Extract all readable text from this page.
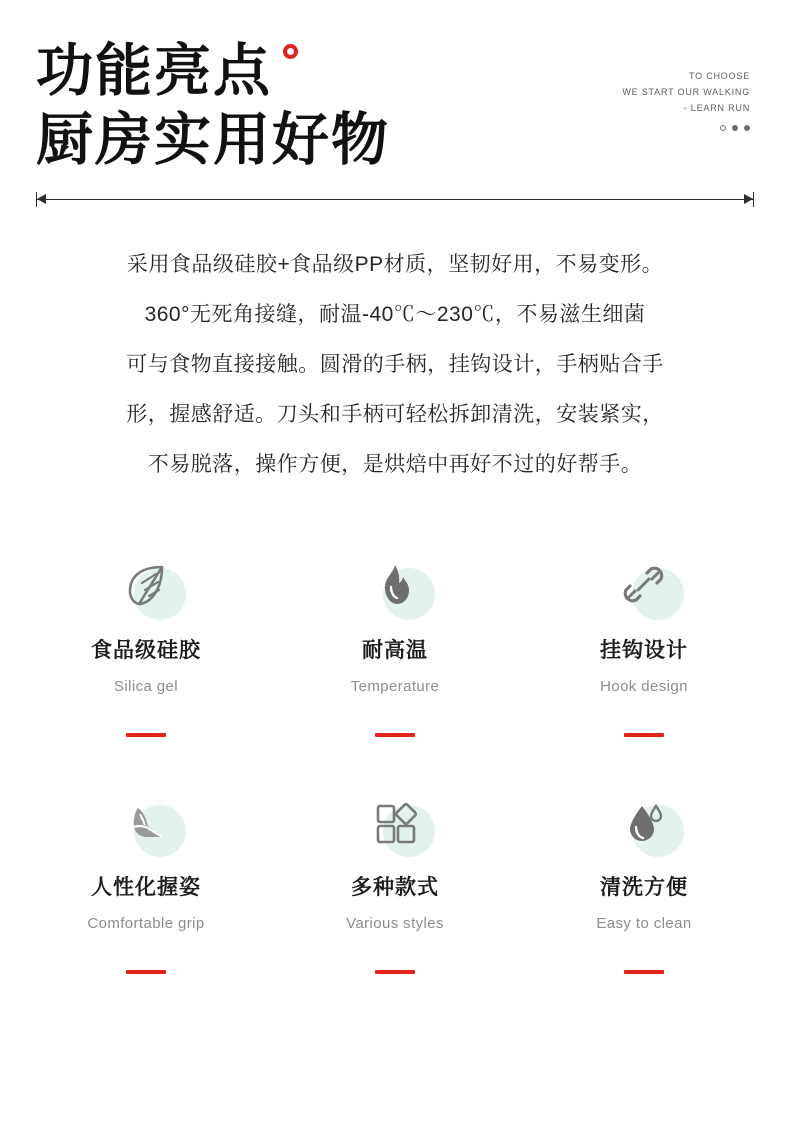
功能亮点
厨房实用好物
TO CHOOSE
WE START OUR WALKING
- LEARN RUN

采用食品级硅胶+食品级PP材质，坚韧好用，不易变形。

360°无死角接缝，耐温-40℃～230℃，不易滋生细菌

可与食物直接接触。圆滑的手柄，挂钩设计，手柄贴合手

形，握感舒适。刀头和手柄可轻松拆卸清洗，安装紧实，

不易脱落，操作方便，是烘焙中再好不过的好帮手。

食品级硅胶
Silica gel
耐高温
Temperature
挂钩设计
Hook design
人性化握姿
Comfortable grip
多种款式
Various styles
清洗方便
Easy to clean
